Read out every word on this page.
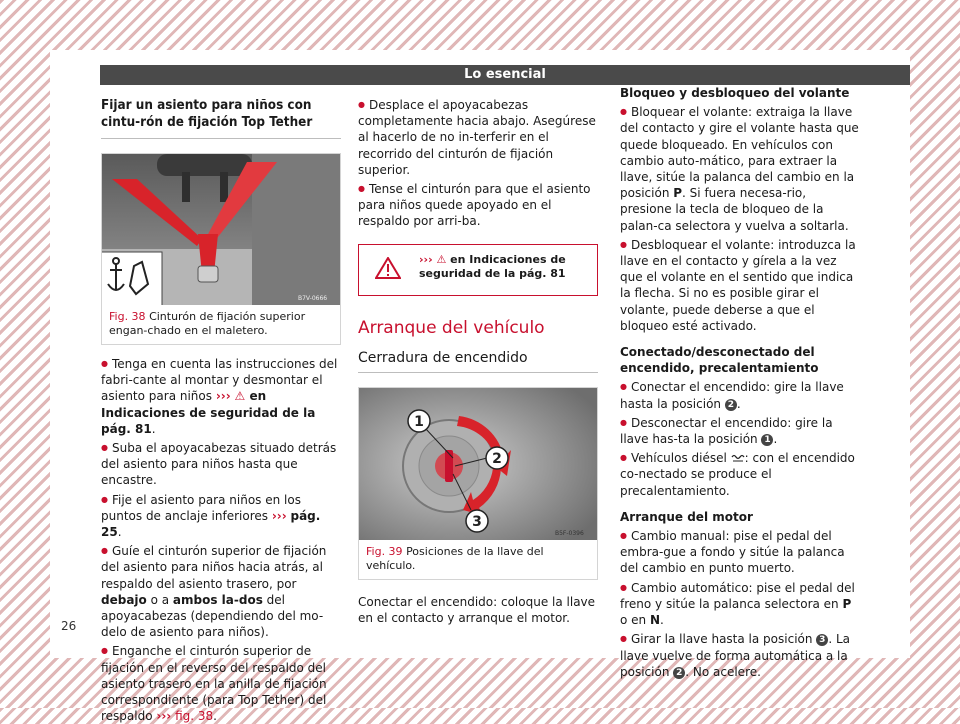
Lo esencial
Fijar un asiento para niños con cintu-rón de fijación Top Tether
B7V-0666
Fig. 38 Cinturón de fijación superior engan-chado en el maletero.

● Tenga en cuenta las instrucciones del fabri-cante al montar y desmontar el asiento para niños ››› ⚠ en Indicaciones de seguridad de la pág. 81.

● Suba el apoyacabezas situado detrás del asiento para niños hasta que encastre.

● Fije el asiento para niños en los puntos de anclaje inferiores ››› pág. 25.

● Guíe el cinturón superior de fijación del asiento para niños hacia atrás, al respaldo del asiento trasero, por debajo o a ambos la-dos del apoyacabezas (dependiendo del mo-delo de asiento para niños).

● Enganche el cinturón superior de fijación en el reverso del respaldo del asiento trasero en la anilla de fijación correspondiente (para Top Tether) del respaldo ››› fig. 38.

● Desplace el apoyacabezas completamente hacia abajo. Asegúrese al hacerlo de no in-terferir en el recorrido del cinturón de fijación superior.

● Tense el cinturón para que el asiento para niños quede apoyado en el respaldo por arri-ba.

››› ⚠ en Indicaciones de seguridad de la pág. 81
Arranque del vehículo
Cerradura de encendido
1
2
3
B5F-0396
Fig. 39 Posiciones de la llave del vehículo.

Conectar el encendido: coloque la llave en el contacto y arranque el motor.

Bloqueo y desbloqueo del volante

● Bloquear el volante: extraiga la llave del contacto y gire el volante hasta que quede bloqueado. En vehículos con cambio auto-mático, para extraer la llave, sitúe la palanca del cambio en la posición P. Si fuera necesa-rio, presione la tecla de bloqueo de la palan-ca selectora y vuelva a soltarla.

● Desbloquear el volante: introduzca la llave en el contacto y gírela a la vez que el volante en el sentido que indica la flecha. Si no es posible girar el volante, puede deberse a que el bloqueo esté activado.

Conectado/desconectado del encendido, precalentamiento

● Conectar el encendido: gire la llave hasta la posición 2 .

● Desconectar el encendido: gire la llave has-ta la posición 1 .

● Vehículos diésel : con el encendido co-nectado se produce el precalentamiento.

Arranque del motor

● Cambio manual: pise el pedal del embra-gue a fondo y sitúe la palanca del cambio en punto muerto.

● Cambio automático: pise el pedal del freno y sitúe la palanca selectora en P o en N.

● Girar la llave hasta la posición 3 . La llave vuelve de forma automática a la posición 2 . No acelere.

26
